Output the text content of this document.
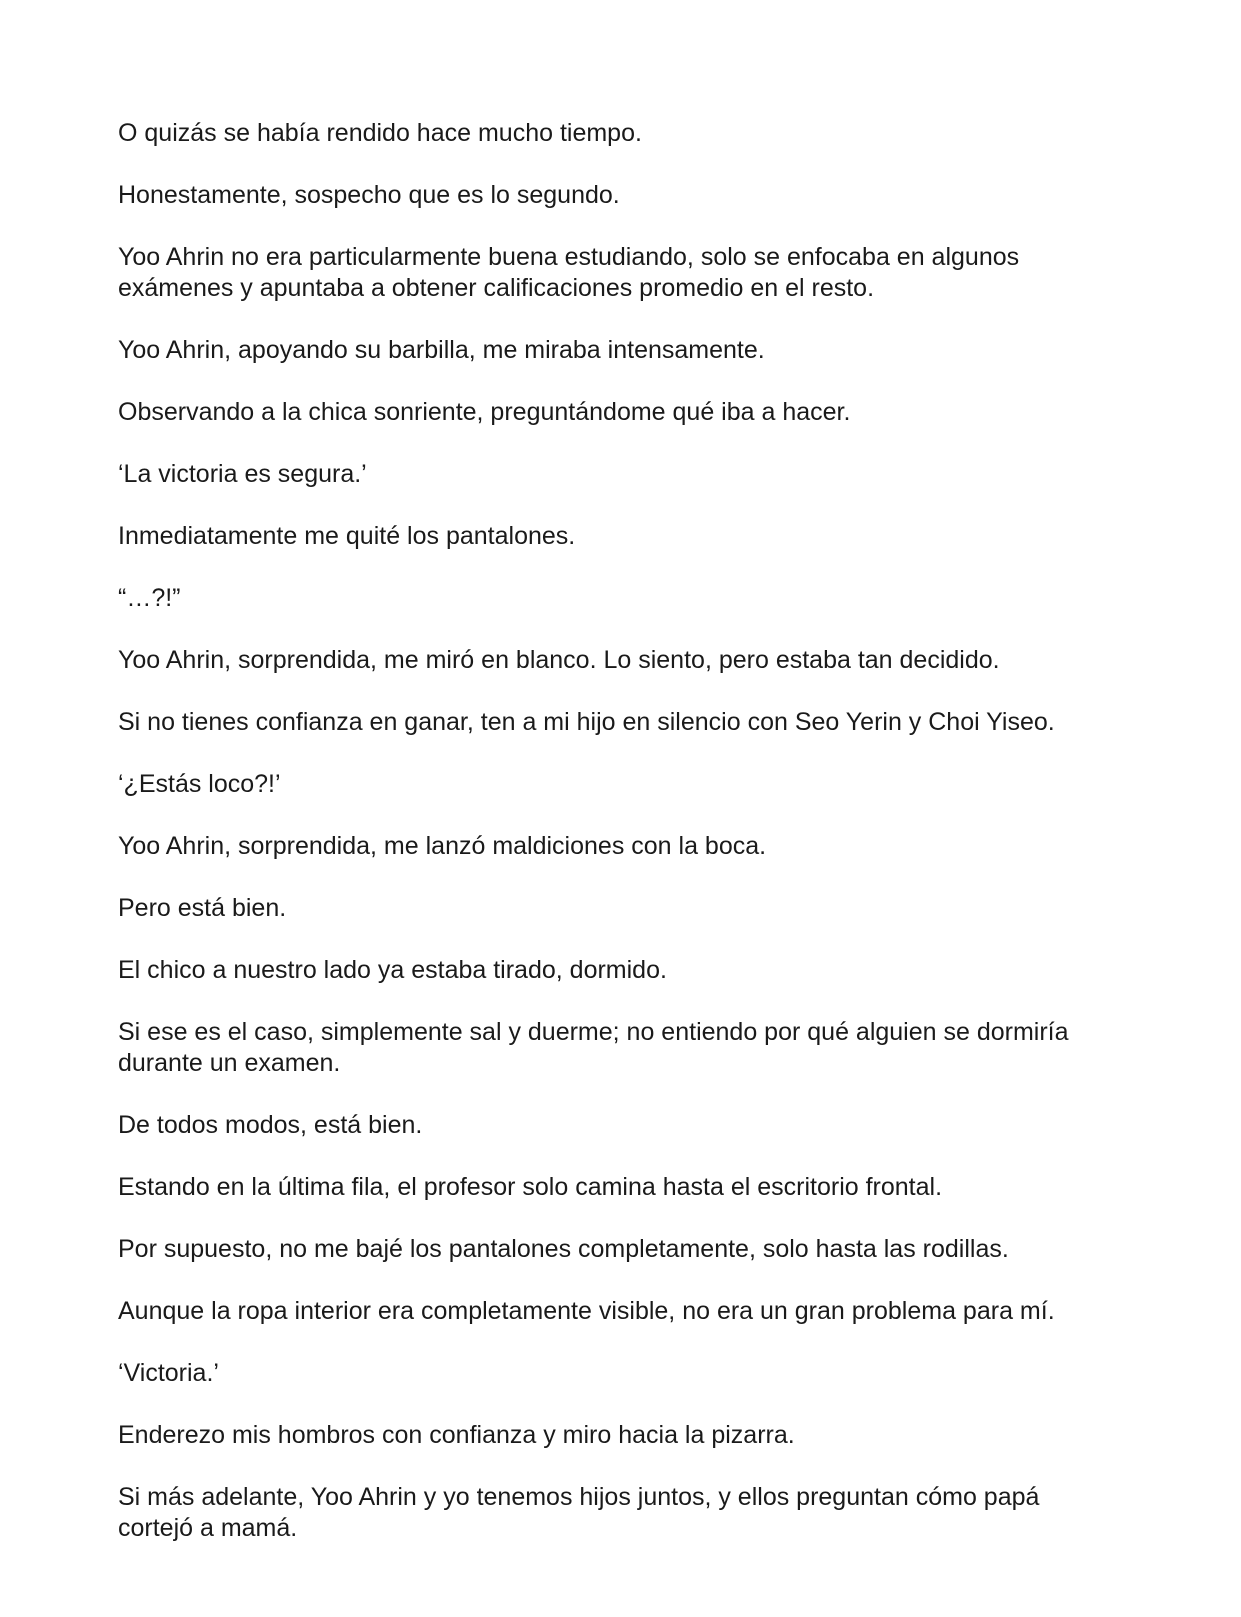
O quizás se había rendido hace mucho tiempo.

Honestamente, sospecho que es lo segundo.

Yoo Ahrin no era particularmente buena estudiando, solo se enfocaba en algunos exámenes y apuntaba a obtener calificaciones promedio en el resto.

Yoo Ahrin, apoyando su barbilla, me miraba intensamente.

Observando a la chica sonriente, preguntándome qué iba a hacer.

‘La victoria es segura.’

Inmediatamente me quité los pantalones.

“…?!”

Yoo Ahrin, sorprendida, me miró en blanco. Lo siento, pero estaba tan decidido.

Si no tienes confianza en ganar, ten a mi hijo en silencio con Seo Yerin y Choi Yiseo.

‘¿Estás loco?!’

Yoo Ahrin, sorprendida, me lanzó maldiciones con la boca.

Pero está bien.

El chico a nuestro lado ya estaba tirado, dormido.

Si ese es el caso, simplemente sal y duerme; no entiendo por qué alguien se dormiría durante un examen.

De todos modos, está bien.

Estando en la última fila, el profesor solo camina hasta el escritorio frontal.

Por supuesto, no me bajé los pantalones completamente, solo hasta las rodillas.

Aunque la ropa interior era completamente visible, no era un gran problema para mí.

‘Victoria.’

Enderezo mis hombros con confianza y miro hacia la pizarra.

Si más adelante, Yoo Ahrin y yo tenemos hijos juntos, y ellos preguntan cómo papá cortejó a mamá.
